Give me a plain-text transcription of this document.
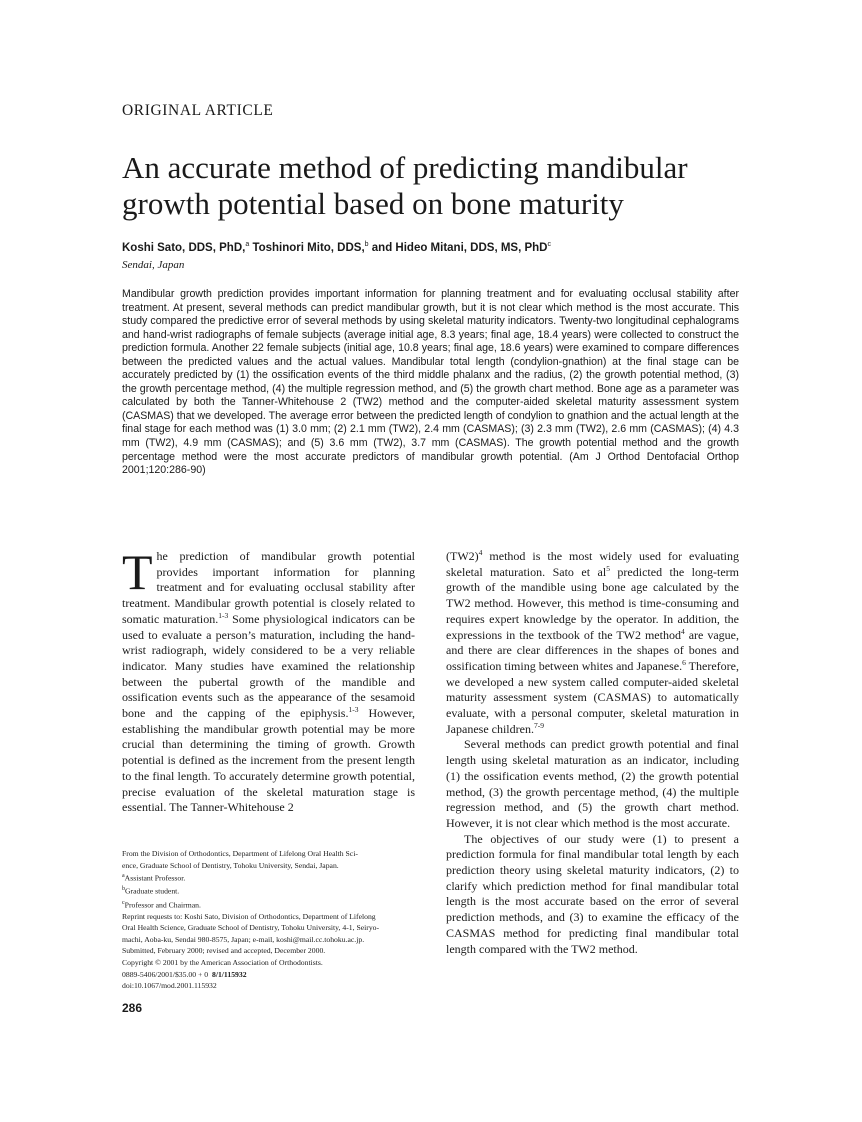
ORIGINAL ARTICLE
An accurate method of predicting mandibular growth potential based on bone maturity
Koshi Sato, DDS, PhD,$^a$ Toshinori Mito, DDS,$^b$ and Hideo Mitani, DDS, MS, PhD$^c$
Sendai, Japan
Mandibular growth prediction provides important information for planning treatment and for evaluating occlusal stability after treatment. At present, several methods can predict mandibular growth, but it is not clear which method is the most accurate. This study compared the predictive error of several methods by using skeletal maturity indicators. Twenty-two longitudinal cephalograms and hand-wrist radiographs of female subjects (average initial age, 8.3 years; final age, 18.4 years) were collected to construct the prediction formula. Another 22 female subjects (initial age, 10.8 years; final age, 18.6 years) were examined to compare differences between the predicted values and the actual values. Mandibular total length (condylion-gnathion) at the final stage can be accurately predicted by (1) the ossification events of the third middle phalanx and the radius, (2) the growth potential method, (3) the growth percentage method, (4) the multiple regression method, and (5) the growth chart method. Bone age as a parameter was calculated by both the Tanner-Whitehouse 2 (TW2) method and the computer-aided skeletal maturity assessment system (CASMAS) that we developed. The average error between the predicted length of condylion to gnathion and the actual length at the final stage for each method was (1) 3.0 mm; (2) 2.1 mm (TW2), 2.4 mm (CASMAS); (3) 2.3 mm (TW2), 2.6 mm (CASMAS); (4) 4.3 mm (TW2), 4.9 mm (CASMAS); and (5) 3.6 mm (TW2), 3.7 mm (CASMAS). The growth potential method and the growth percentage method were the most accurate predictors of mandibular growth potential. (Am J Orthod Dentofacial Orthop 2001;120:286-90)

The prediction of mandibular growth potential provides important information for planning treatment and for evaluating occlusal stability after treatment. Mandibular growth potential is closely related to somatic maturation.$^{1-3}$ Some physiological indicators can be used to evaluate a person’s maturation, including the hand-wrist radiograph, widely considered to be a very reliable indicator. Many studies have examined the relationship between the pubertal growth of the mandible and ossification events such as the appearance of the sesamoid bone and the capping of the epiphysis.$^{1-3}$ However, establishing the mandibular growth potential may be more crucial than determining the timing of growth. Growth potential is defined as the increment from the present length to the final length. To accurately determine growth potential, precise evaluation of the skeletal maturation stage is essential. The Tanner-Whitehouse 2

$(TW2)^4$ method is the most widely used for evaluating skeletal maturation. Sato et $al^5$ predicted the long-term growth of the mandible using bone age calculated by the TW2 method. However, this method is time-consuming and requires expert knowledge by the operator. In addition, the expressions in the textbook of the TW2 method$^4$ are vague, and there are clear differences in the shapes of bones and ossification timing between whites and Japanese.$^6$ Therefore, we developed a new system called computer-aided skeletal maturity assessment system (CASMAS) to automatically evaluate, with a personal computer, skeletal maturation in Japanese children.$^{7-9}$

Several methods can predict growth potential and final length using skeletal maturation as an indicator, including (1) the ossification events method, (2) the growth potential method, (3) the growth percentage method, (4) the multiple regression method, and (5) the growth chart method. However, it is not clear which method is the most accurate.

The objectives of our study were (1) to present a prediction formula for final mandibular total length by each prediction theory using skeletal maturity indicators, (2) to clarify which prediction method for final mandibular total length is the most accurate based on the error of several prediction methods, and (3) to examine the efficacy of the CASMAS method for predicting final mandibular total length compared with the TW2 method.

From the Division of Orthodontics, Department of Lifelong Oral Health Sci-
ence, Graduate School of Dentistry, Tohoku University, Sendai, Japan.
$^a$Assistant Professor.
$^b$Graduate student.
$^c$Professor and Chairman.
Reprint requests to: Koshi Sato, Division of Orthodontics, Department of Lifelong
Oral Health Science, Graduate School of Dentistry, Tohoku University, 4-1, Seiryo-
machi, Aoba-ku, Sendai 980-8575, Japan; e-mail, koshi@mail.cc.tohoku.ac.jp.
Submitted, February 2000; revised and accepted, December 2000.
Copyright © 2001 by the American Association of Orthodontists.
0889-5406/2001/$35.00 + 0 8/1/115932
doi:10.1067/mod.2001.115932
286
